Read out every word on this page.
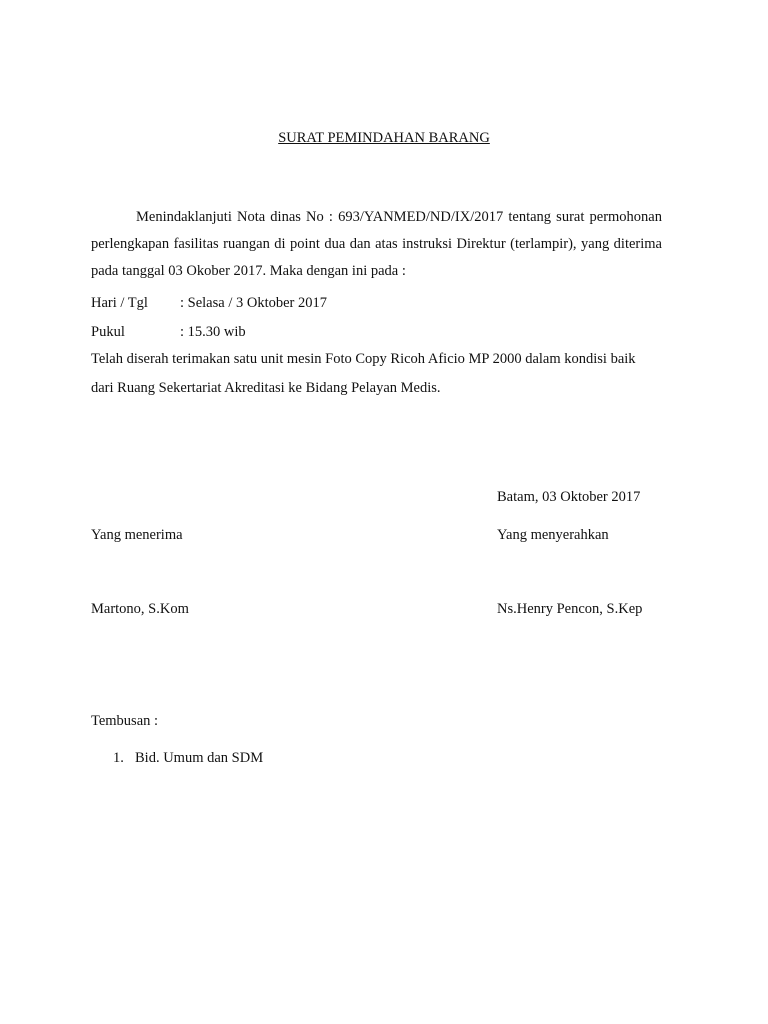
SURAT PEMINDAHAN BARANG
Menindaklanjuti Nota dinas No : 693/YANMED/ND/IX/2017 tentang surat permohonan perlengkapan fasilitas ruangan di point dua dan atas instruksi Direktur (terlampir), yang diterima pada tanggal 03 Okober 2017. Maka dengan ini pada :
Hari / Tgl : Selasa / 3 Oktober 2017
Pukul	: 15.30 wib
Telah diserah terimakan satu unit mesin Foto Copy Ricoh Aficio MP 2000 dalam kondisi baik
dari Ruang Sekertariat Akreditasi ke Bidang Pelayan Medis.
Batam, 03 Oktober 2017
Yang menerima	Yang menyerahkan
Martono, S.Kom	Ns.Henry Pencon, S.Kep
Tembusan :
1. Bid. Umum dan SDM
